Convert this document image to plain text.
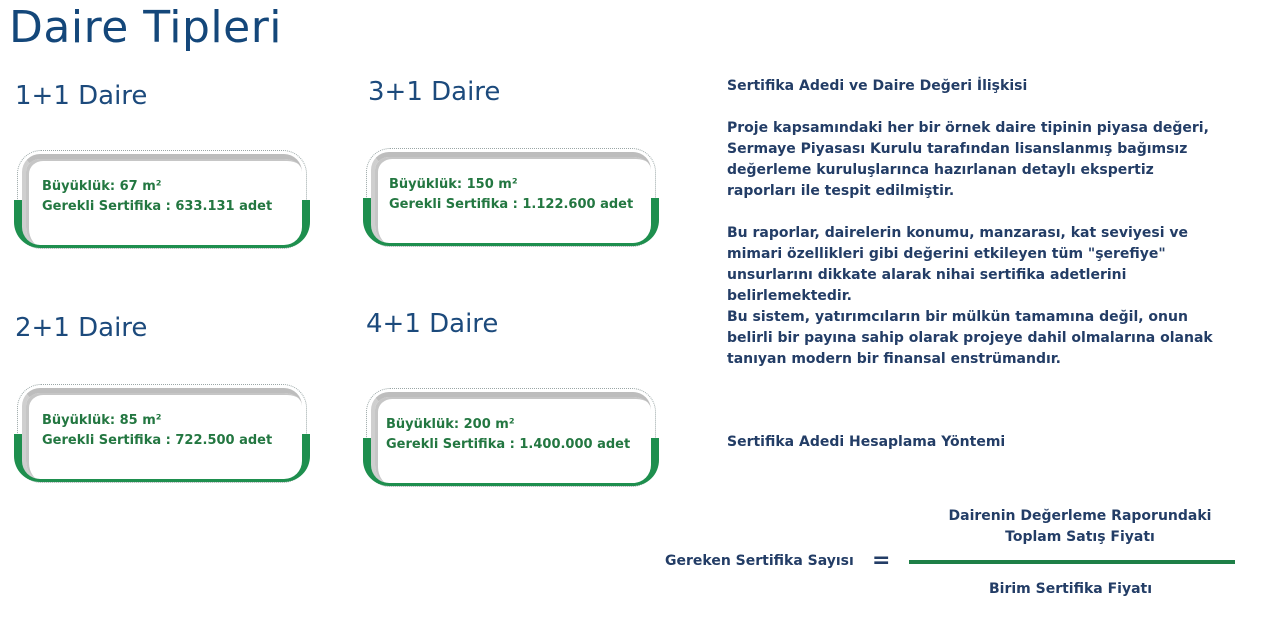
Daire Tipleri
1+1 Daire
Büyüklük: 67 m²
Gerekli Sertifika : 633.131 adet
3+1 Daire
Büyüklük: 150 m²
Gerekli Sertifika : 1.122.600 adet
2+1 Daire
Büyüklük: 85 m²
Gerekli Sertifika : 722.500 adet
4+1 Daire
Büyüklük: 200 m²
Gerekli Sertifika : 1.400.000 adet
Sertifika Adedi ve Daire Değeri İlişkisi
Proje kapsamındaki her bir örnek daire tipinin piyasa değeri, Sermaye Piyasası Kurulu tarafından lisanslanmış bağımsız değerleme kuruluşlarınca hazırlanan detaylı ekspertiz raporları ile tespit edilmiştir.
Bu raporlar, dairelerin konumu, manzarası, kat seviyesi ve mimari özellikleri gibi değerini etkileyen tüm "şerefiye" unsurlarını dikkate alarak nihai sertifika adetlerini belirlemektedir.
Bu sistem, yatırımcıların bir mülkün tamamına değil, onun belirli bir payına sahip olarak projeye dahil olmalarına olanak tanıyan modern bir finansal enstrümandır.
Sertifika Adedi Hesaplama Yöntemi
Gereken Sertifika Sayısı =
Dairenin Değerleme Raporundaki
Toplam Satış Fiyatı
Birim Sertifika Fiyatı
